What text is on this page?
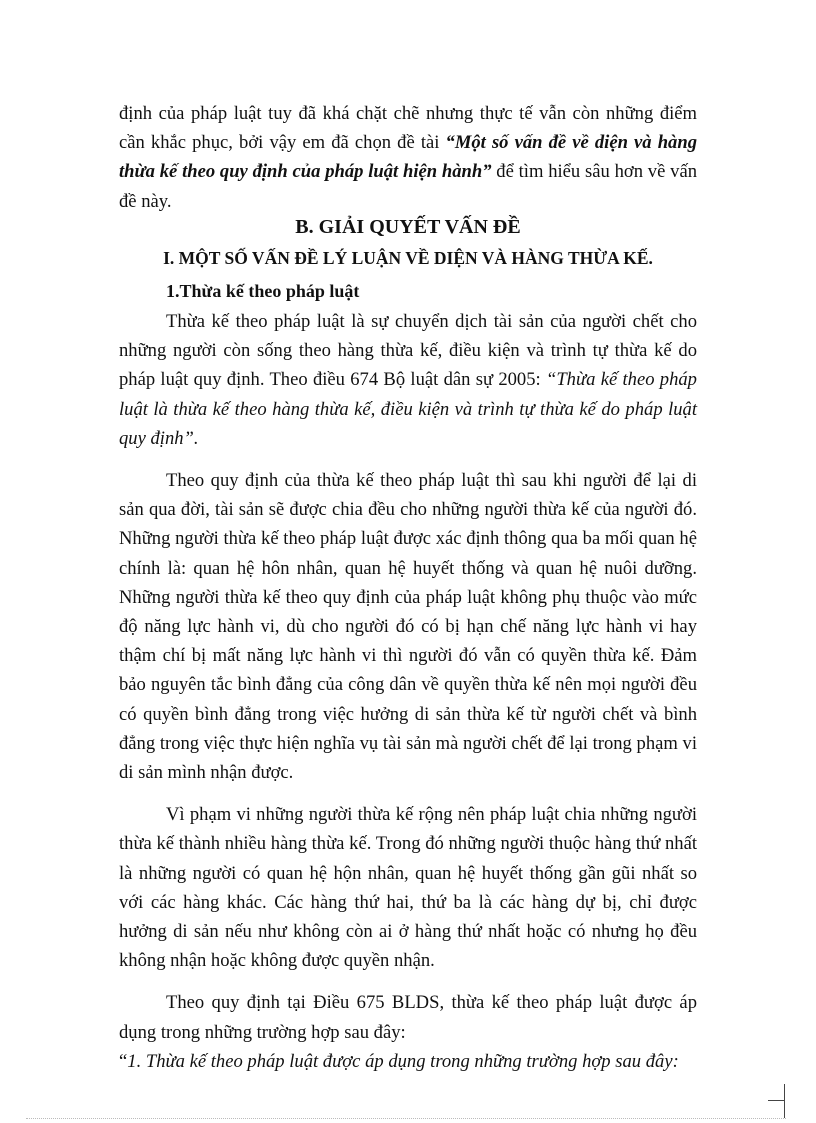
định của pháp luật tuy đã khá chặt chẽ nhưng thực tế vẫn còn những điểm cần khắc phục, bởi vậy em đã chọn đề tài “Một số vấn đề về diện và hàng thừa kế theo quy định của pháp luật hiện hành” để tìm hiểu sâu hơn về vấn đề này.

B. GIẢI QUYẾT VẤN ĐỀ
I. MỘT SỐ VẤN ĐỀ LÝ LUẬN VỀ DIỆN VÀ HÀNG THỪA KẾ.
1.Thừa kế theo pháp luật

Thừa kế theo pháp luật là sự chuyển dịch tài sản của người chết cho những người còn sống theo hàng thừa kế, điều kiện và trình tự thừa kế do pháp luật quy định. Theo điều 674 Bộ luật dân sự 2005: “Thừa kế theo pháp luật là thừa kế theo hàng thừa kế, điều kiện và trình tự thừa kế do pháp luật quy định”.

Theo quy định của thừa kế theo pháp luật thì sau khi người để lại di sản qua đời, tài sản sẽ được chia đều cho những người thừa kế của người đó. Những người thừa kế theo pháp luật được xác định thông qua ba mối quan hệ chính là: quan hệ hôn nhân, quan hệ huyết thống và quan hệ nuôi dưỡng. Những người thừa kế theo quy định của pháp luật không phụ thuộc vào mức độ năng lực hành vi, dù cho người đó có bị hạn chế năng lực hành vi hay thậm chí bị mất năng lực hành vi thì người đó vẫn có quyền thừa kế. Đảm bảo nguyên tắc bình đẳng của công dân về quyền thừa kế nên mọi người đều có quyền bình đẳng trong việc hưởng di sản thừa kế từ người chết và bình đẳng trong việc thực hiện nghĩa vụ tài sản mà người chết để lại trong phạm vi di sản mình nhận được.

Vì phạm vi những người thừa kế rộng nên pháp luật chia những người thừa kế thành nhiều hàng thừa kế. Trong đó những người thuộc hàng thứ nhất là những người có quan hệ hộn nhân, quan hệ huyết thống gần gũi nhất so với các hàng khác. Các hàng thứ hai, thứ ba là các hàng dự bị, chỉ được hưởng di sản nếu như không còn ai ở hàng thứ nhất hoặc có nhưng họ đều không nhận hoặc không được quyền nhận.

Theo quy định tại Điều 675 BLDS, thừa kế theo pháp luật được áp dụng trong những trường hợp sau đây:

“1. Thừa kế theo pháp luật được áp dụng trong những trường hợp sau đây:
